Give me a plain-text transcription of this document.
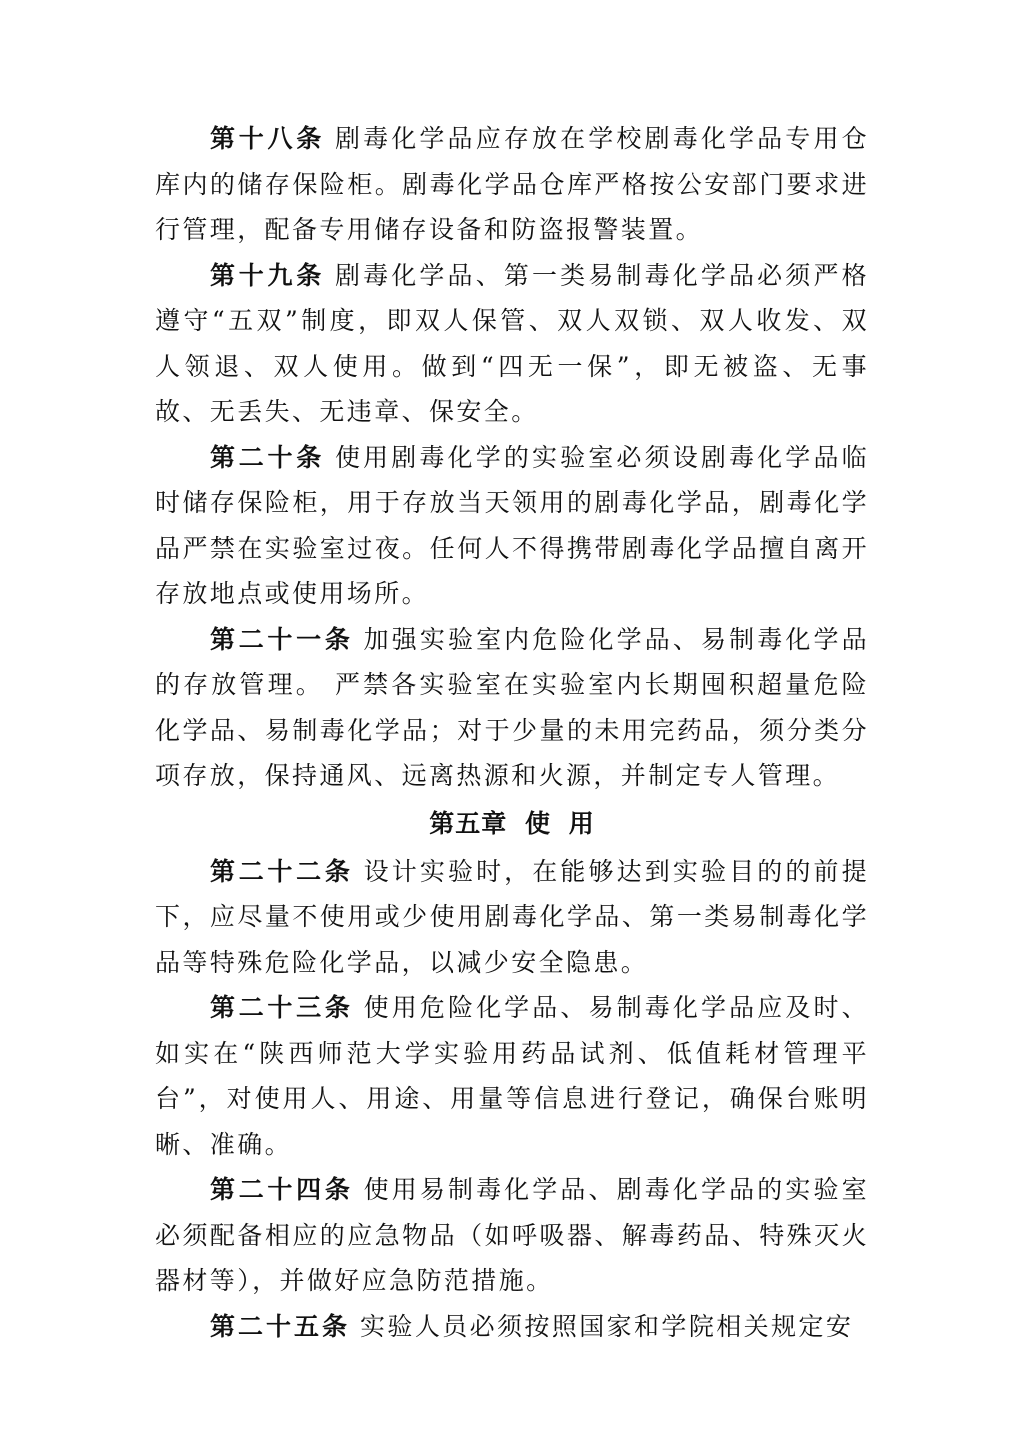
第十八条 剧毒化学品应存放在学校剧毒化学品专用仓库内的储存保险柜。剧毒化学品仓库严格按公安部门要求进行管理，配备专用储存设备和防盗报警装置。

第十九条 剧毒化学品、第一类易制毒化学品必须严格遵守“五双”制度，即双人保管、双人双锁、双人收发、双人领退、双人使用。做到“四无一保”，即无被盗、无事故、无丢失、无违章、保安全。

第二十条 使用剧毒化学的实验室必须设剧毒化学品临时储存保险柜，用于存放当天领用的剧毒化学品，剧毒化学品严禁在实验室过夜。任何人不得携带剧毒化学品擅自离开存放地点或使用场所。

第二十一条 加强实验室内危险化学品、易制毒化学品的存放管理。 严禁各实验室在实验室内长期囤积超量危险化学品、易制毒化学品；对于少量的未用完药品，须分类分项存放，保持通风、远离热源和火源，并制定专人管理。

第五章 使 用

第二十二条 设计实验时，在能够达到实验目的的前提下，应尽量不使用或少使用剧毒化学品、第一类易制毒化学品等特殊危险化学品，以减少安全隐患。

第二十三条 使用危险化学品、易制毒化学品应及时、如实在“陕西师范大学实验用药品试剂、低值耗材管理平台”，对使用人、用途、用量等信息进行登记，确保台账明晰、准确。

第二十四条 使用易制毒化学品、剧毒化学品的实验室必须配备相应的应急物品（如呼吸器、解毒药品、特殊灭火器材等），并做好应急防范措施。

第二十五条 实验人员必须按照国家和学院相关规定安
